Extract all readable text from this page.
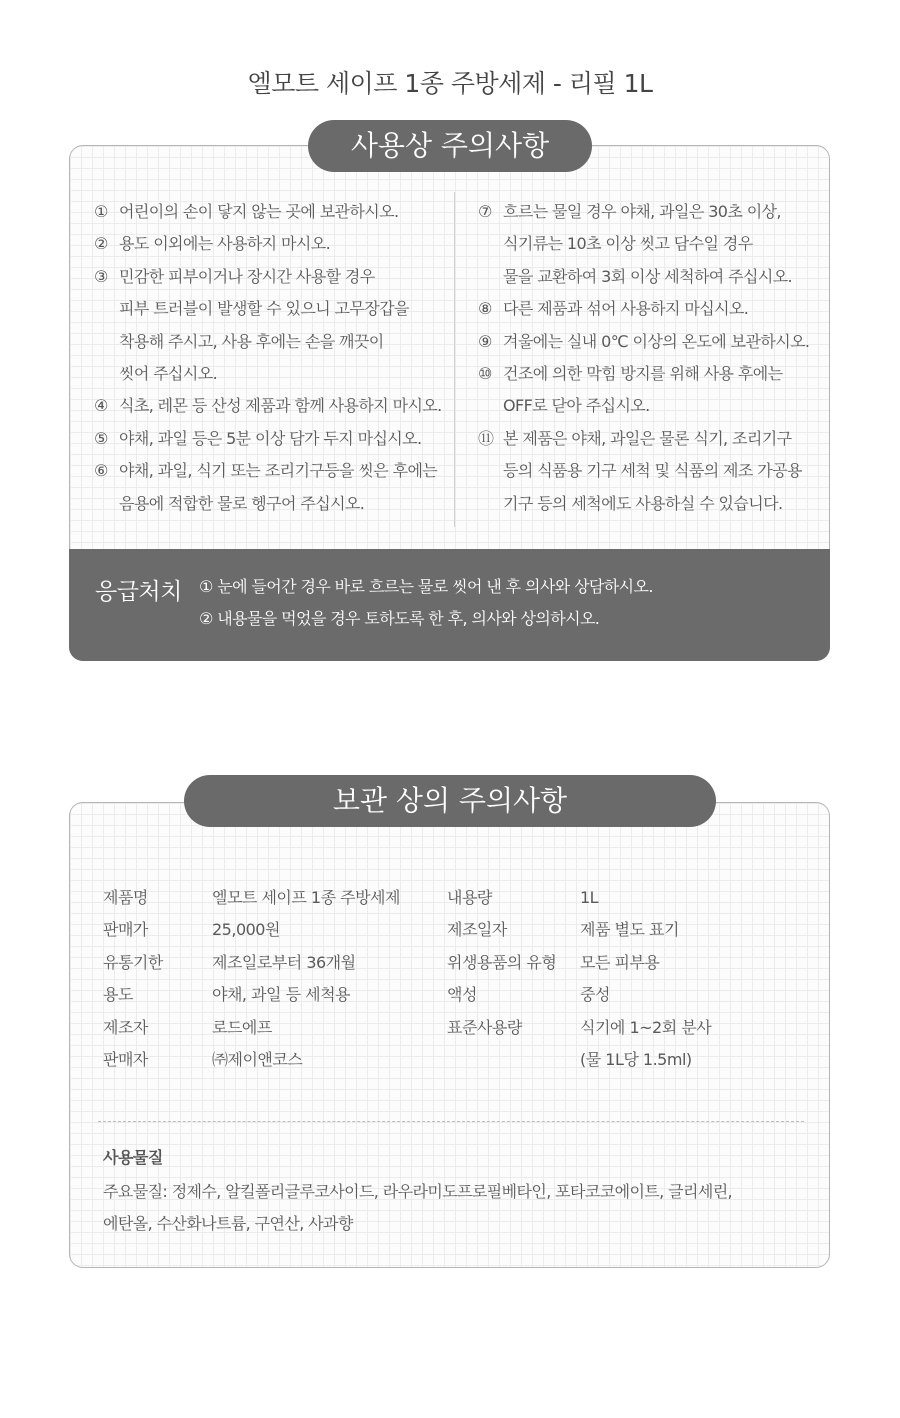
엘모트 세이프 1종 주방세제 - 리필 1L
사용상 주의사항
① 어린이의 손이 닿지 않는 곳에 보관하시오.
② 용도 이외에는 사용하지 마시오.
③ 민감한 피부이거나 장시간 사용할 경우
피부 트러블이 발생할 수 있으니 고무장갑을
착용해 주시고, 사용 후에는 손을 깨끗이
씻어 주십시오.
④ 식초, 레몬 등 산성 제품과 함께 사용하지 마시오.
⑤ 야채, 과일 등은 5분 이상 담가 두지 마십시오.
⑥ 야채, 과일, 식기 또는 조리기구등을 씻은 후에는
음용에 적합한 물로 헹구어 주십시오.
⑦ 흐르는 물일 경우 야채, 과일은 30초 이상,
식기류는 10초 이상 씻고 담수일 경우
물을 교환하여 3회 이상 세척하여 주십시오.
⑧ 다른 제품과 섞어 사용하지 마십시오.
⑨ 겨울에는 실내 0℃ 이상의 온도에 보관하시오.
⑩ 건조에 의한 막힘 방지를 위해 사용 후에는
OFF로 닫아 주십시오.
⑪ 본 제품은 야채, 과일은 물론 식기, 조리기구
등의 식품용 기구 세척 및 식품의 제조 가공용
기구 등의 세척에도 사용하실 수 있습니다.
응급처치 ① 눈에 들어간 경우 바로 흐르는 물로 씻어 낸 후 의사와 상담하시오.
② 내용물을 먹었을 경우 토하도록 한 후, 의사와 상의하시오.
보관 상의 주의사항
제품명
판매가
유통기한
용도
제조자
판매자
엘모트 세이프 1종 주방세제
25,000원
제조일로부터 36개월
야채, 과일 등 세척용
로드에프
㈜제이앤코스
내용량
제조일자
위생용품의 유형
액성
표준사용량
1L
제품 별도 표기
모든 피부용
중성
식기에 1~2회 분사
(물 1L당 1.5ml)
사용물질
주요물질: 정제수, 알킬폴리글루코사이드, 라우라미도프로필베타인, 포타코코에이트, 글리세린,
에탄올, 수산화나트륨, 구연산, 사과향
